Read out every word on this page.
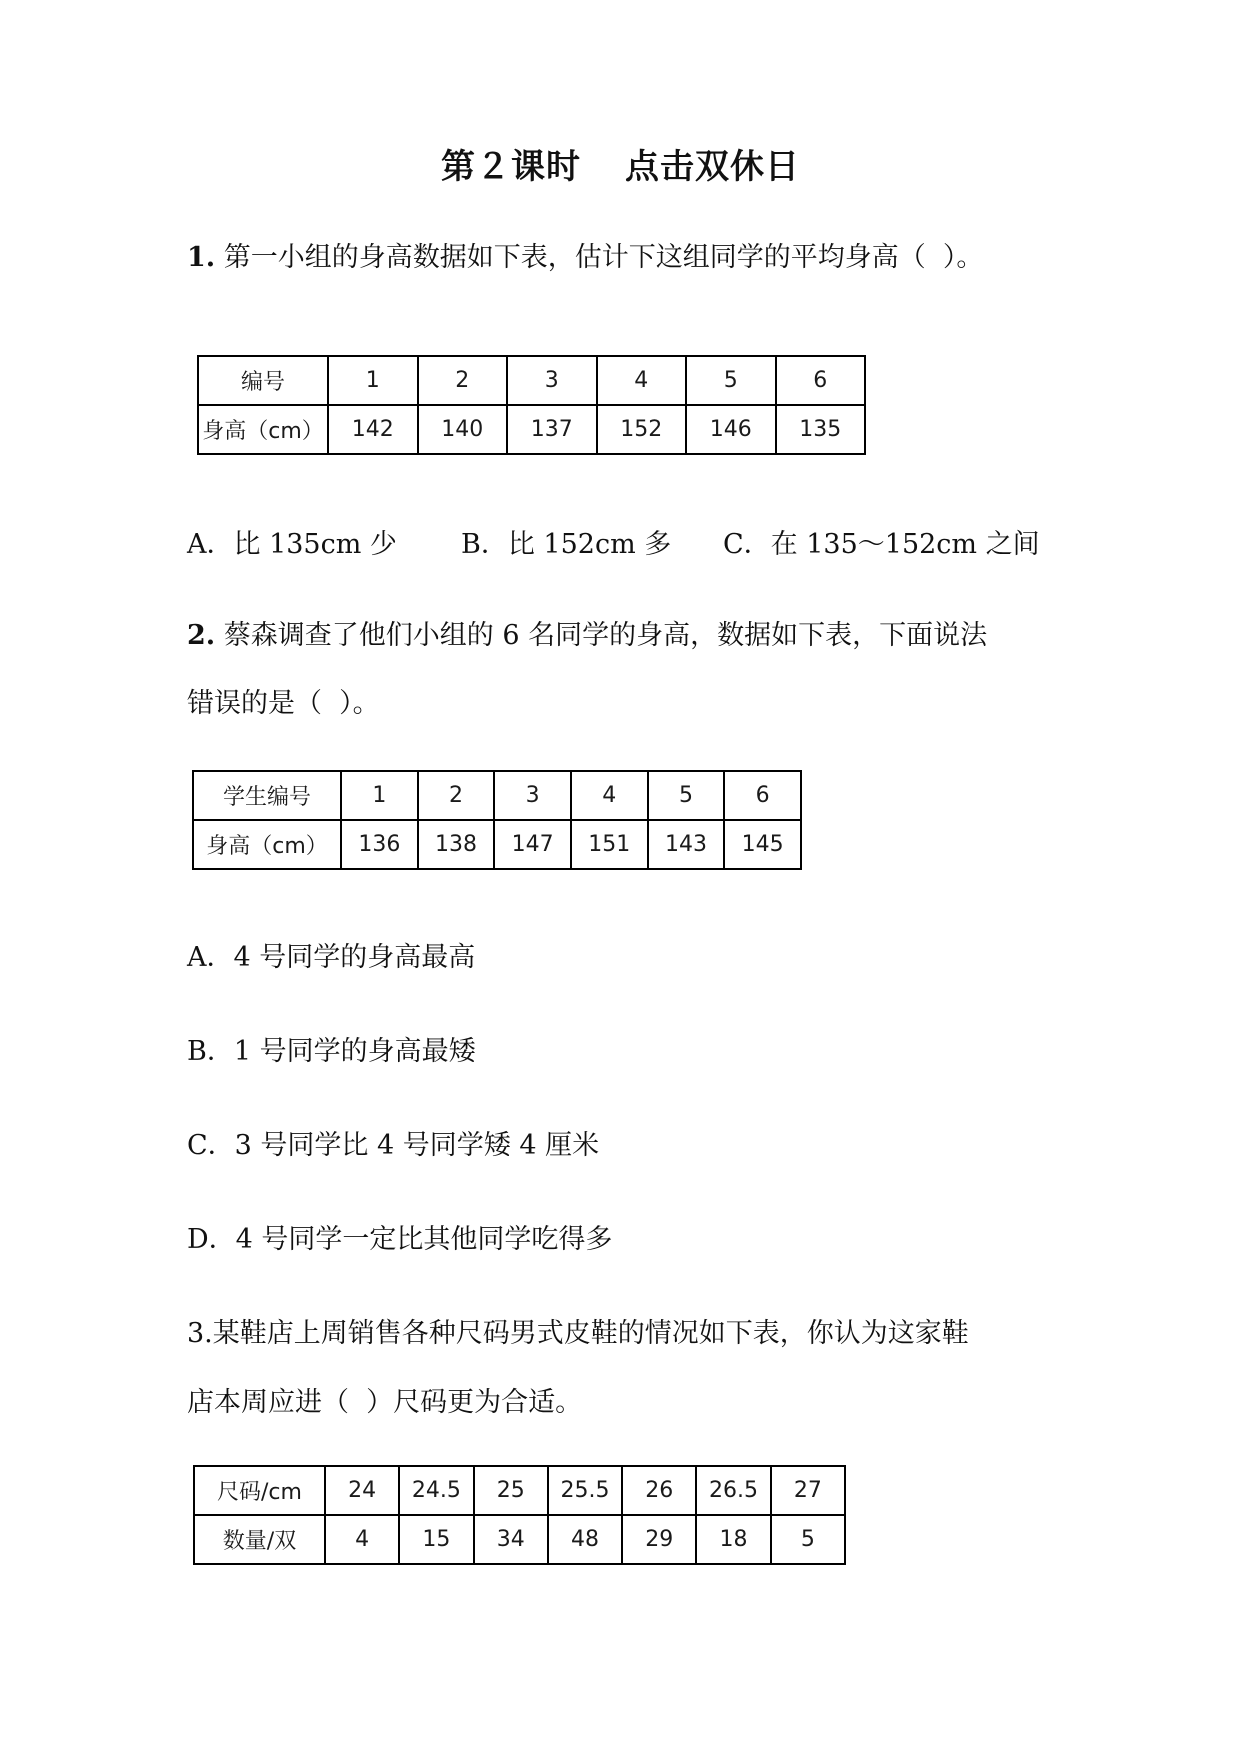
第２课时 点击双休日
1. 第一小组的身高数据如下表，估计下这组同学的平均身高（  ）。
编号	1	2	3	4	5	6
身高（cm）	142	140	137	152	146	135

A．比 135cm 少

B．比 152cm 多

C．在 135～152cm 之间

2. 蔡森调查了他们小组的 6 名同学的身高，数据如下表，下面说法
错误的是（  ）。
学生编号	1	2	3	4	5	6
身高（cm）	136	138	147	151	143	145
A．4 号同学的身高最高
B．1 号同学的身高最矮
C．3 号同学比 4 号同学矮 4 厘米
D．4 号同学一定比其他同学吃得多
3.某鞋店上周销售各种尺码男式皮鞋的情况如下表，你认为这家鞋
店本周应进（  ）尺码更为合适。
尺码/cm	24	24.5	25	25.5	26	26.5	27
数量/双	4	15	34	48	29	18	5
